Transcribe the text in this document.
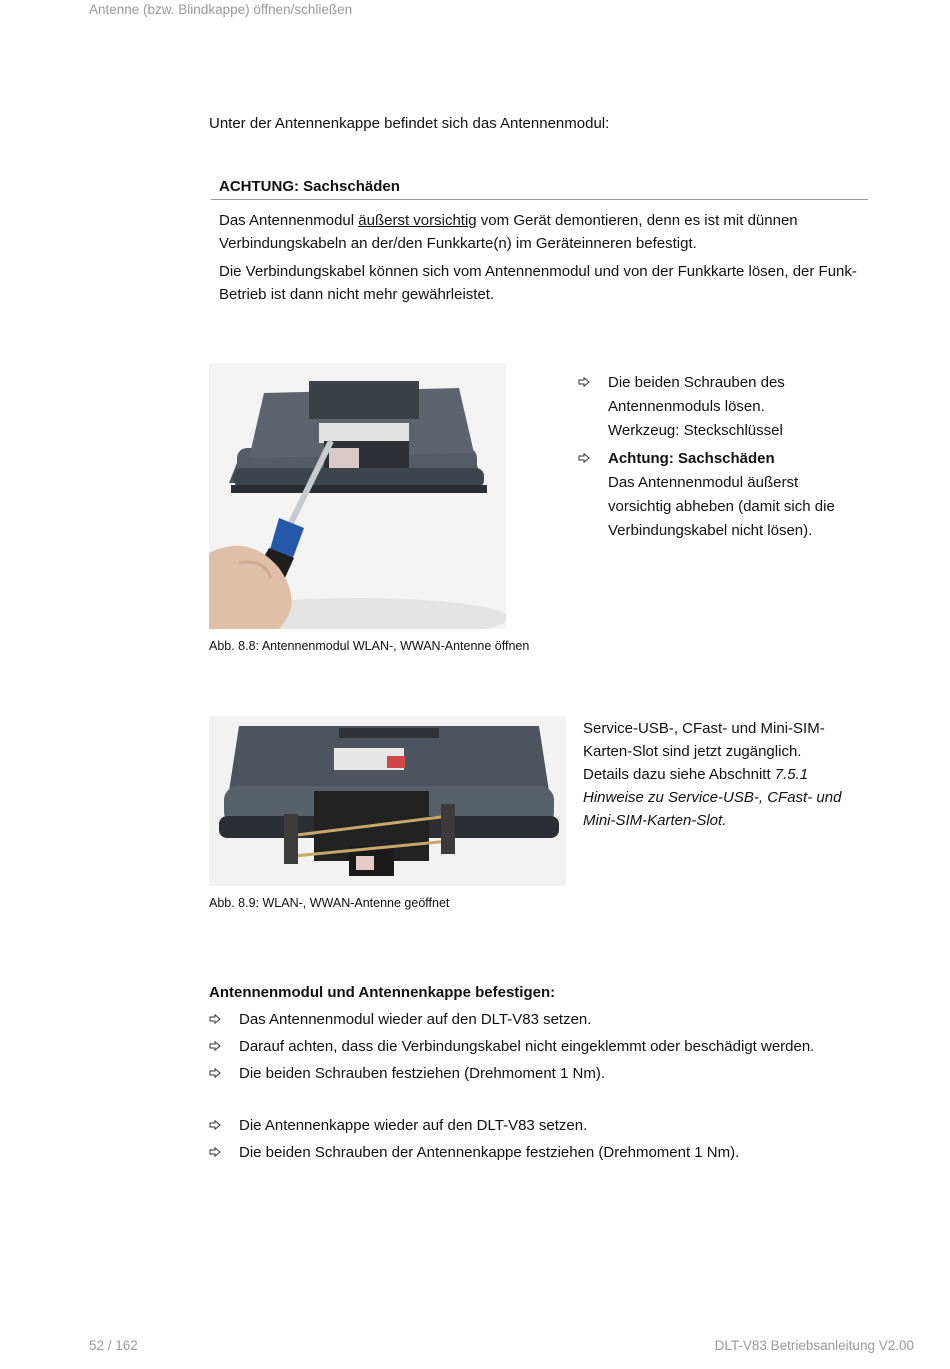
Antenne (bzw. Blindkappe) öffnen/schließen
Unter der Antennenkappe befindet sich das Antennenmodul:
ACHTUNG: Sachschäden
Das Antennenmodul äußerst vorsichtig vom Gerät demontieren, denn es ist mit dünnen Verbindungskabeln an der/den Funkkarte(n) im Geräteinneren befestigt.
Die Verbindungskabel können sich vom Antennenmodul und von der Funkkarte lösen, der Funk-Betrieb ist dann nicht mehr gewährleistet.
Die beiden Schrauben des
Antennenmoduls lösen.
Werkzeug: Steckschlüssel
Achtung: Sachschäden
Das Antennenmodul äußerst
vorsichtig abheben (damit sich die
Verbindungskabel nicht lösen).
Abb. 8.8: Antennenmodul WLAN-, WWAN-Antenne öffnen
Service-USB-, CFast- und Mini-SIM-
Karten-Slot sind jetzt zugänglich.
Details dazu siehe Abschnitt 7.5.1
Hinweise zu Service-USB-, CFast- und
Mini-SIM-Karten-Slot.
Abb. 8.9: WLAN-, WWAN-Antenne geöffnet
Antennenmodul und Antennenkappe befestigen:
Das Antennenmodul wieder auf den DLT-V83 setzen.
Darauf achten, dass die Verbindungskabel nicht eingeklemmt oder beschädigt werden.
Die beiden Schrauben festziehen (Drehmoment 1 Nm).
Die Antennenkappe wieder auf den DLT-V83 setzen.
Die beiden Schrauben der Antennenkappe festziehen (Drehmoment 1 Nm).
52 / 162	DLT-V83 Betriebsanleitung V2.00
